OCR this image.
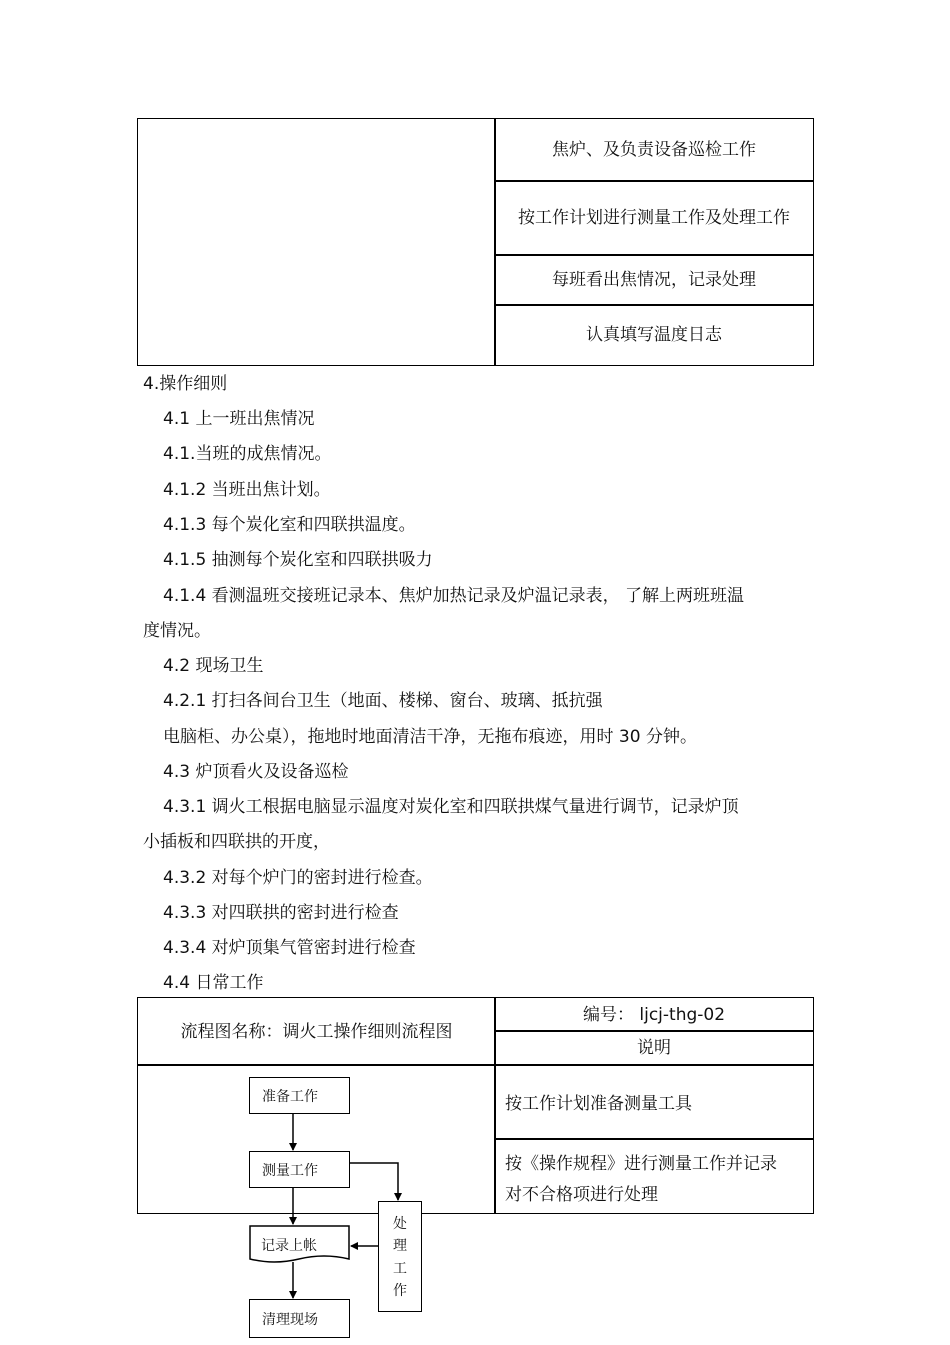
焦炉、及负责设备巡检工作
按工作计划进行测量工作及处理工作
每班看出焦情况，记录处理
认真填写温度日志
4.操作细则
4.1 上一班出焦情况
4.1.当班的成焦情况。
4.1.2 当班出焦计划。
4.1.3 每个炭化室和四联拱温度。
4.1.5 抽测每个炭化室和四联拱吸力
4.1.4 看测温班交接班记录本、焦炉加热记录及炉温记录表， 了解上两班班温
度情况。
4.2 现场卫生
4.2.1 打扫各间台卫生（地面、楼梯、窗台、玻璃、抵抗强
电脑柜、办公桌），拖地时地面清洁干净，无拖布痕迹，用时 30 分钟。
4.3 炉顶看火及设备巡检
4.3.1 调火工根据电脑显示温度对炭化室和四联拱煤气量进行调节，记录炉顶
小插板和四联拱的开度，
4.3.2 对每个炉门的密封进行检查。
4.3.3 对四联拱的密封进行检查
4.3.4 对炉顶集气管密封进行检查
4.4 日常工作
流程图名称：调火工操作细则流程图
编号： ljcj-thg-02
说明
按工作计划准备测量工具
按《操作规程》进行测量工作并记录
对不合格项进行处理
准备工作
测量工作
记录上帐
清理现场
处
理
工
作
